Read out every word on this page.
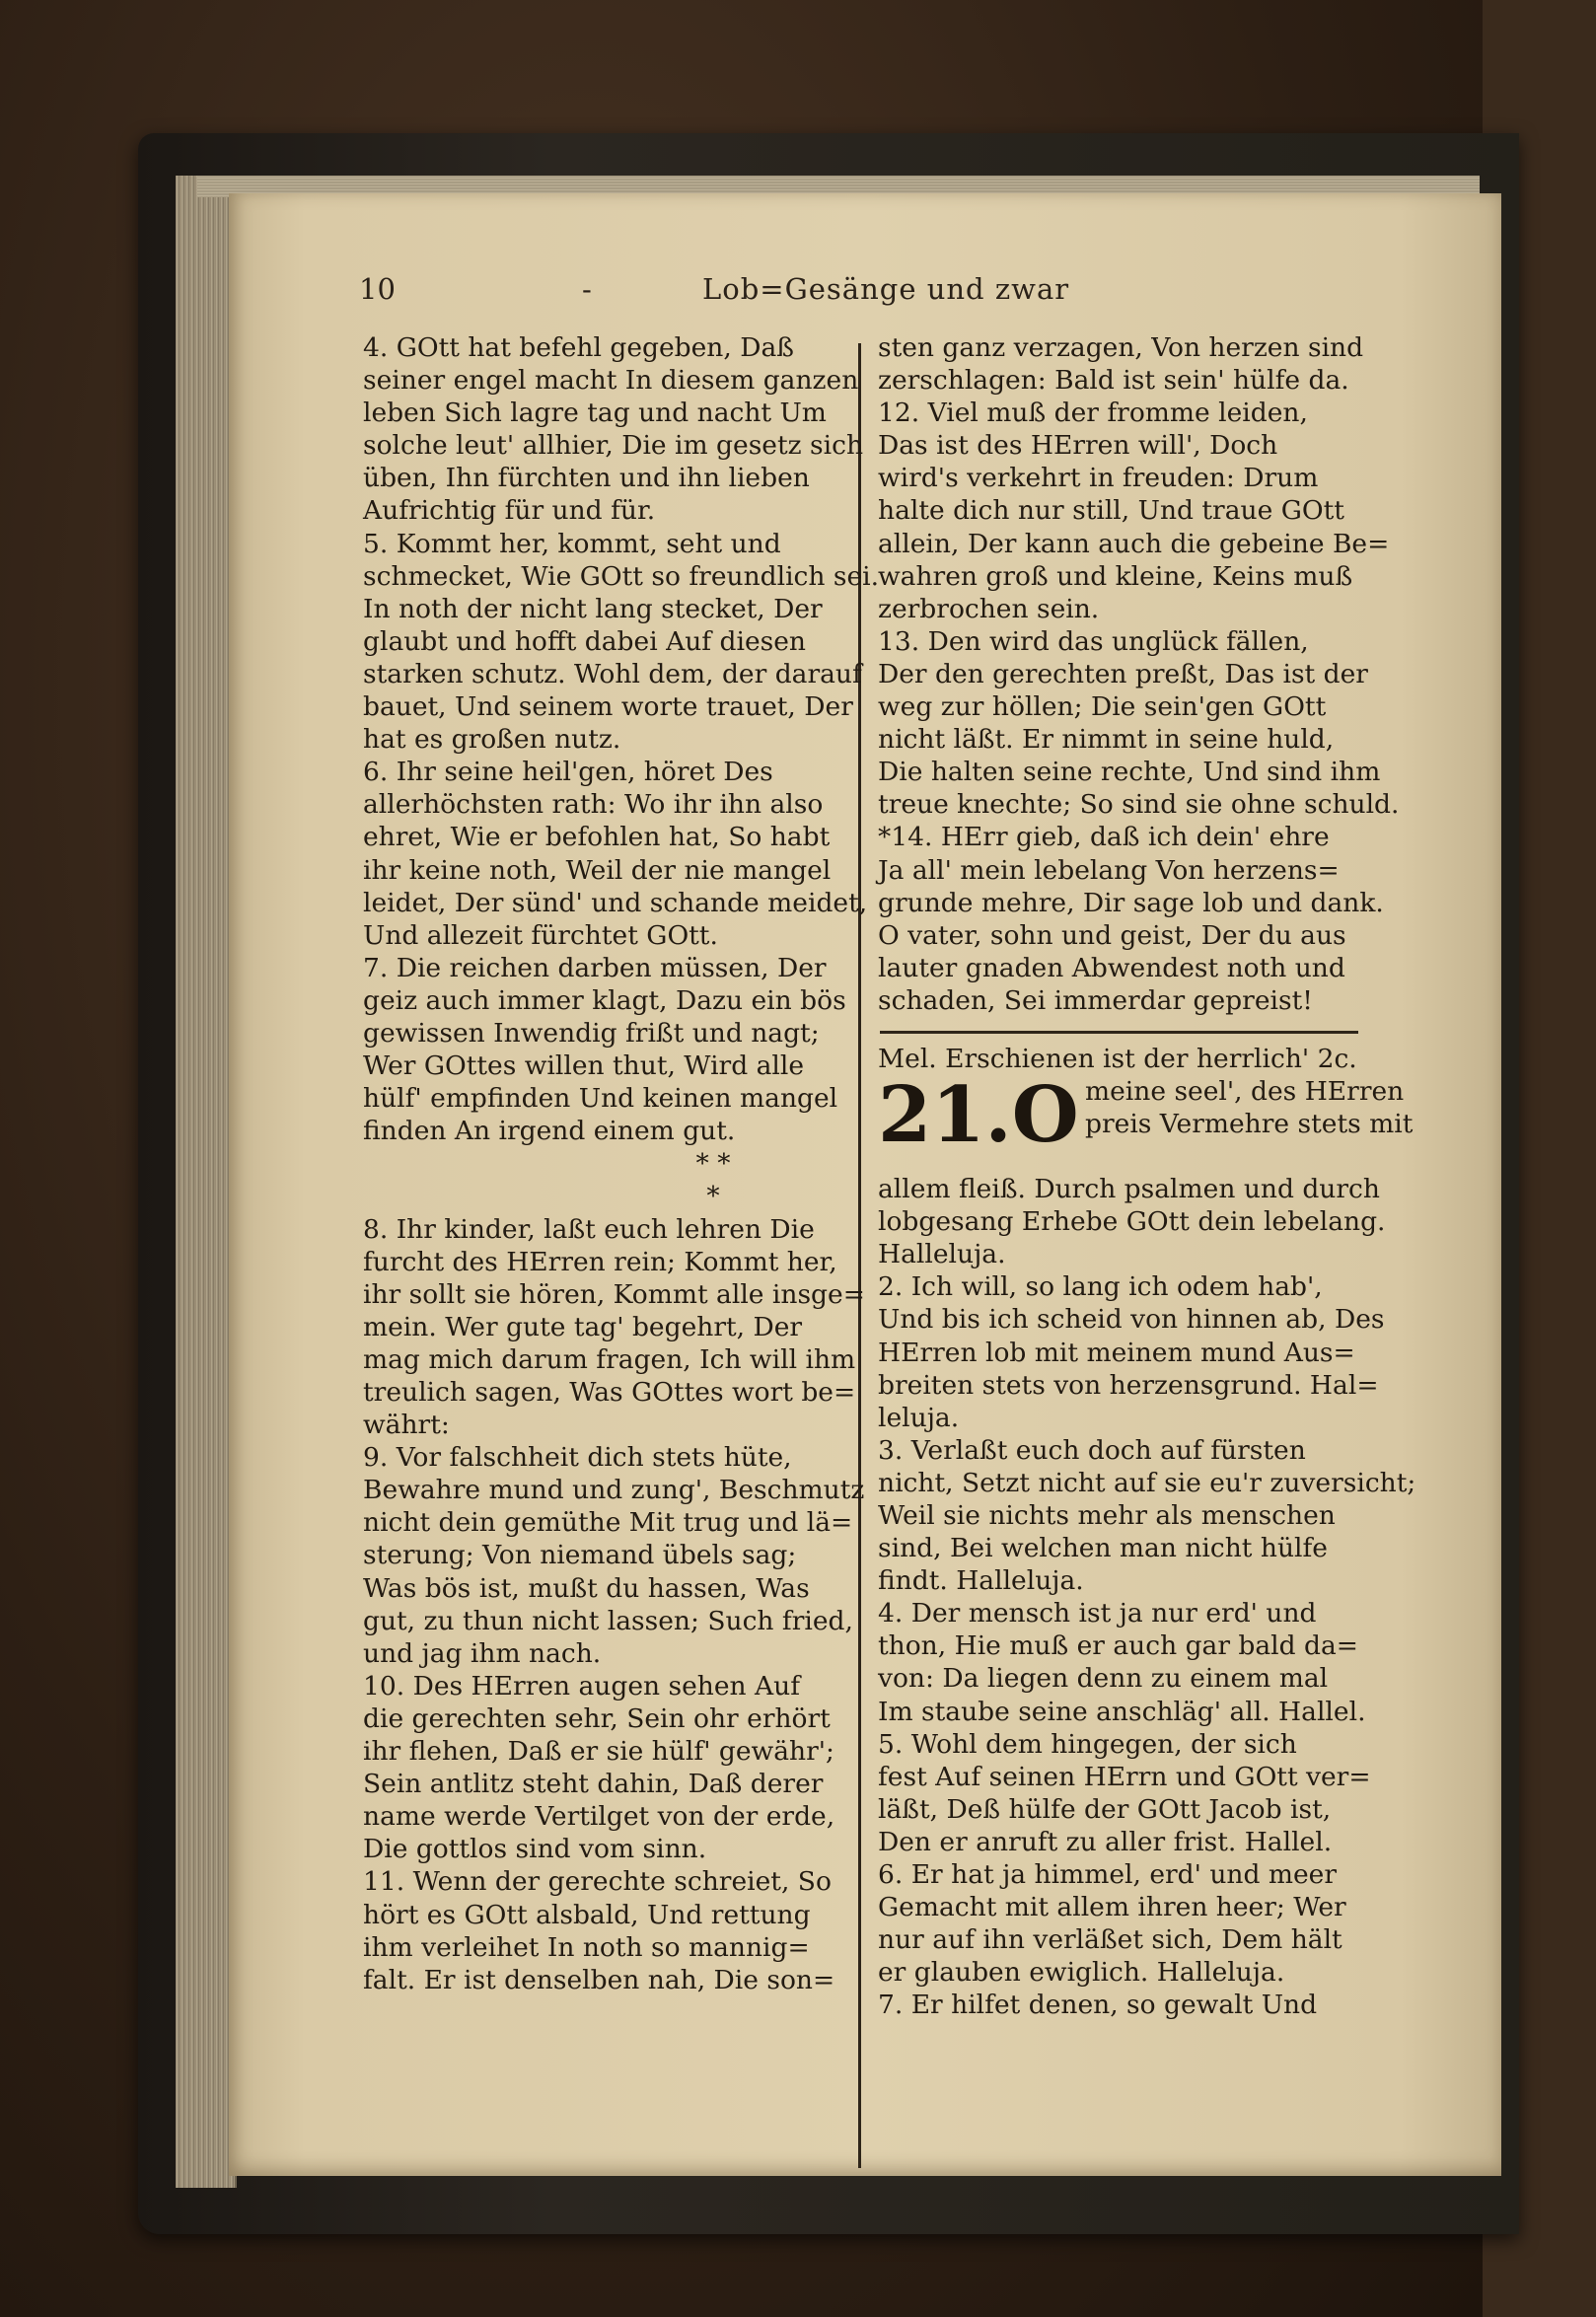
10	-	Lob=Gesänge und zwar
4. GOtt hat befehl gegeben, Daß
seiner engel macht In diesem ganzen
leben Sich lagre tag und nacht Um
solche leut' allhier, Die im gesetz sich
üben, Ihn fürchten und ihn lieben
Aufrichtig für und für.
5. Kommt her, kommt, seht und
schmecket, Wie GOtt so freundlich sei.
In noth der nicht lang stecket, Der
glaubt und hofft dabei Auf diesen
starken schutz. Wohl dem, der darauf
bauet, Und seinem worte trauet, Der
hat es großen nutz.
6. Ihr seine heil'gen, höret Des
allerhöchsten rath: Wo ihr ihn also
ehret, Wie er befohlen hat, So habt
ihr keine noth, Weil der nie mangel
leidet, Der sünd' und schande meidet,
Und allezeit fürchtet GOtt.
7. Die reichen darben müssen, Der
geiz auch immer klagt, Dazu ein bös
gewissen Inwendig frißt und nagt;
Wer GOttes willen thut, Wird alle
hülf' empfinden Und keinen mangel
finden An irgend einem gut.
* *
*
8. Ihr kinder, laßt euch lehren Die
furcht des HErren rein; Kommt her,
ihr sollt sie hören, Kommt alle insge=
mein. Wer gute tag' begehrt, Der
mag mich darum fragen, Ich will ihm
treulich sagen, Was GOttes wort be=
währt:
9. Vor falschheit dich stets hüte,
Bewahre mund und zung', Beschmutz
nicht dein gemüthe Mit trug und lä=
sterung; Von niemand übels sag;
Was bös ist, mußt du hassen, Was
gut, zu thun nicht lassen; Such fried,
und jag ihm nach.
10. Des HErren augen sehen Auf
die gerechten sehr, Sein ohr erhört
ihr flehen, Daß er sie hülf' gewähr';
Sein antlitz steht dahin, Daß derer
name werde Vertilget von der erde,
Die gottlos sind vom sinn.
11. Wenn der gerechte schreiet, So
hört es GOtt alsbald, Und rettung
ihm verleihet In noth so mannig=
falt. Er ist denselben nah, Die son=
sten ganz verzagen, Von herzen sind
zerschlagen: Bald ist sein' hülfe da.
12. Viel muß der fromme leiden,
Das ist des HErren will', Doch
wird's verkehrt in freuden: Drum
halte dich nur still, Und traue GOtt
allein, Der kann auch die gebeine Be=
wahren groß und kleine, Keins muß
zerbrochen sein.
13. Den wird das unglück fällen,
Der den gerechten preßt, Das ist der
weg zur höllen; Die sein'gen GOtt
nicht läßt. Er nimmt in seine huld,
Die halten seine rechte, Und sind ihm
treue knechte; So sind sie ohne schuld.
*14. HErr gieb, daß ich dein' ehre
Ja all' mein lebelang Von herzens=
grunde mehre, Dir sage lob und dank.
O vater, sohn und geist, Der du aus
lauter gnaden Abwendest noth und
schaden, Sei immerdar gepreist!
Mel. Erschienen ist der herrlich' 2c.
21.O meine seel', des HErren
preis Vermehre stets mit
allem fleiß. Durch psalmen und durch
lobgesang Erhebe GOtt dein lebelang.
Halleluja.
2. Ich will, so lang ich odem hab',
Und bis ich scheid von hinnen ab, Des
HErren lob mit meinem mund Aus=
breiten stets von herzensgrund. Hal=
leluja.
3. Verlaßt euch doch auf fürsten
nicht, Setzt nicht auf sie eu'r zuversicht;
Weil sie nichts mehr als menschen
sind, Bei welchen man nicht hülfe
findt. Halleluja.
4. Der mensch ist ja nur erd' und
thon, Hie muß er auch gar bald da=
von: Da liegen denn zu einem mal
Im staube seine anschläg' all. Hallel.
5. Wohl dem hingegen, der sich
fest Auf seinen HErrn und GOtt ver=
läßt, Deß hülfe der GOtt Jacob ist,
Den er anruft zu aller frist. Hallel.
6. Er hat ja himmel, erd' und meer
Gemacht mit allem ihren heer; Wer
nur auf ihn verläßet sich, Dem hält
er glauben ewiglich. Halleluja.
7. Er hilfet denen, so gewalt Und
